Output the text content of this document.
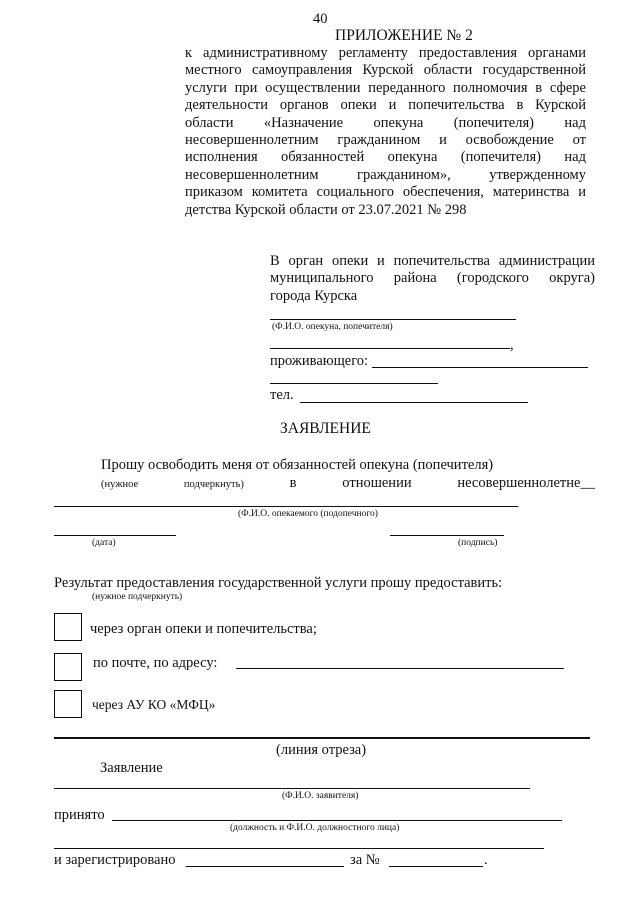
40
ПРИЛОЖЕНИЕ № 2
к административному регламенту предоставления органами
местного самоуправления Курской области государственной
услуги при осуществлении переданного полномочия в сфере
деятельности органов опеки и попечительства в Курской
области «Назначение опекуна (попечителя) над
несовершеннолетним гражданином и освобождение от
исполнения обязанностей опекуна (попечителя) над
несовершеннолетним гражданином», утвержденному
приказом комитета социального обеспечения, материнства и
детства Курской области от 23.07.2021 № 298
В орган опеки и попечительства администрации
муниципального района (городского округа)
города Курска
(Ф.И.О. опекуна, попечителя)
,
проживающего:
тел.
ЗАЯВЛЕНИЕ
Прошу освободить меня от обязанностей опекуна (попечителя)
(нужное	подчеркнуть)	в	отношении	несовершеннолетне__
(Ф.И.О. опекаемого (подопечного)
(дата)	(подпись)
Результат предоставления государственной услуги прошу предоставить:
(нужное подчеркнуть)
через орган опеки и попечительства;
по почте, по адресу:
через АУ КО «МФЦ»
(линия отреза)
Заявление
(Ф.И.О. заявителя)
принято
(должность и Ф.И.О. должностного лица)
и зарегистрировано	за №	.
